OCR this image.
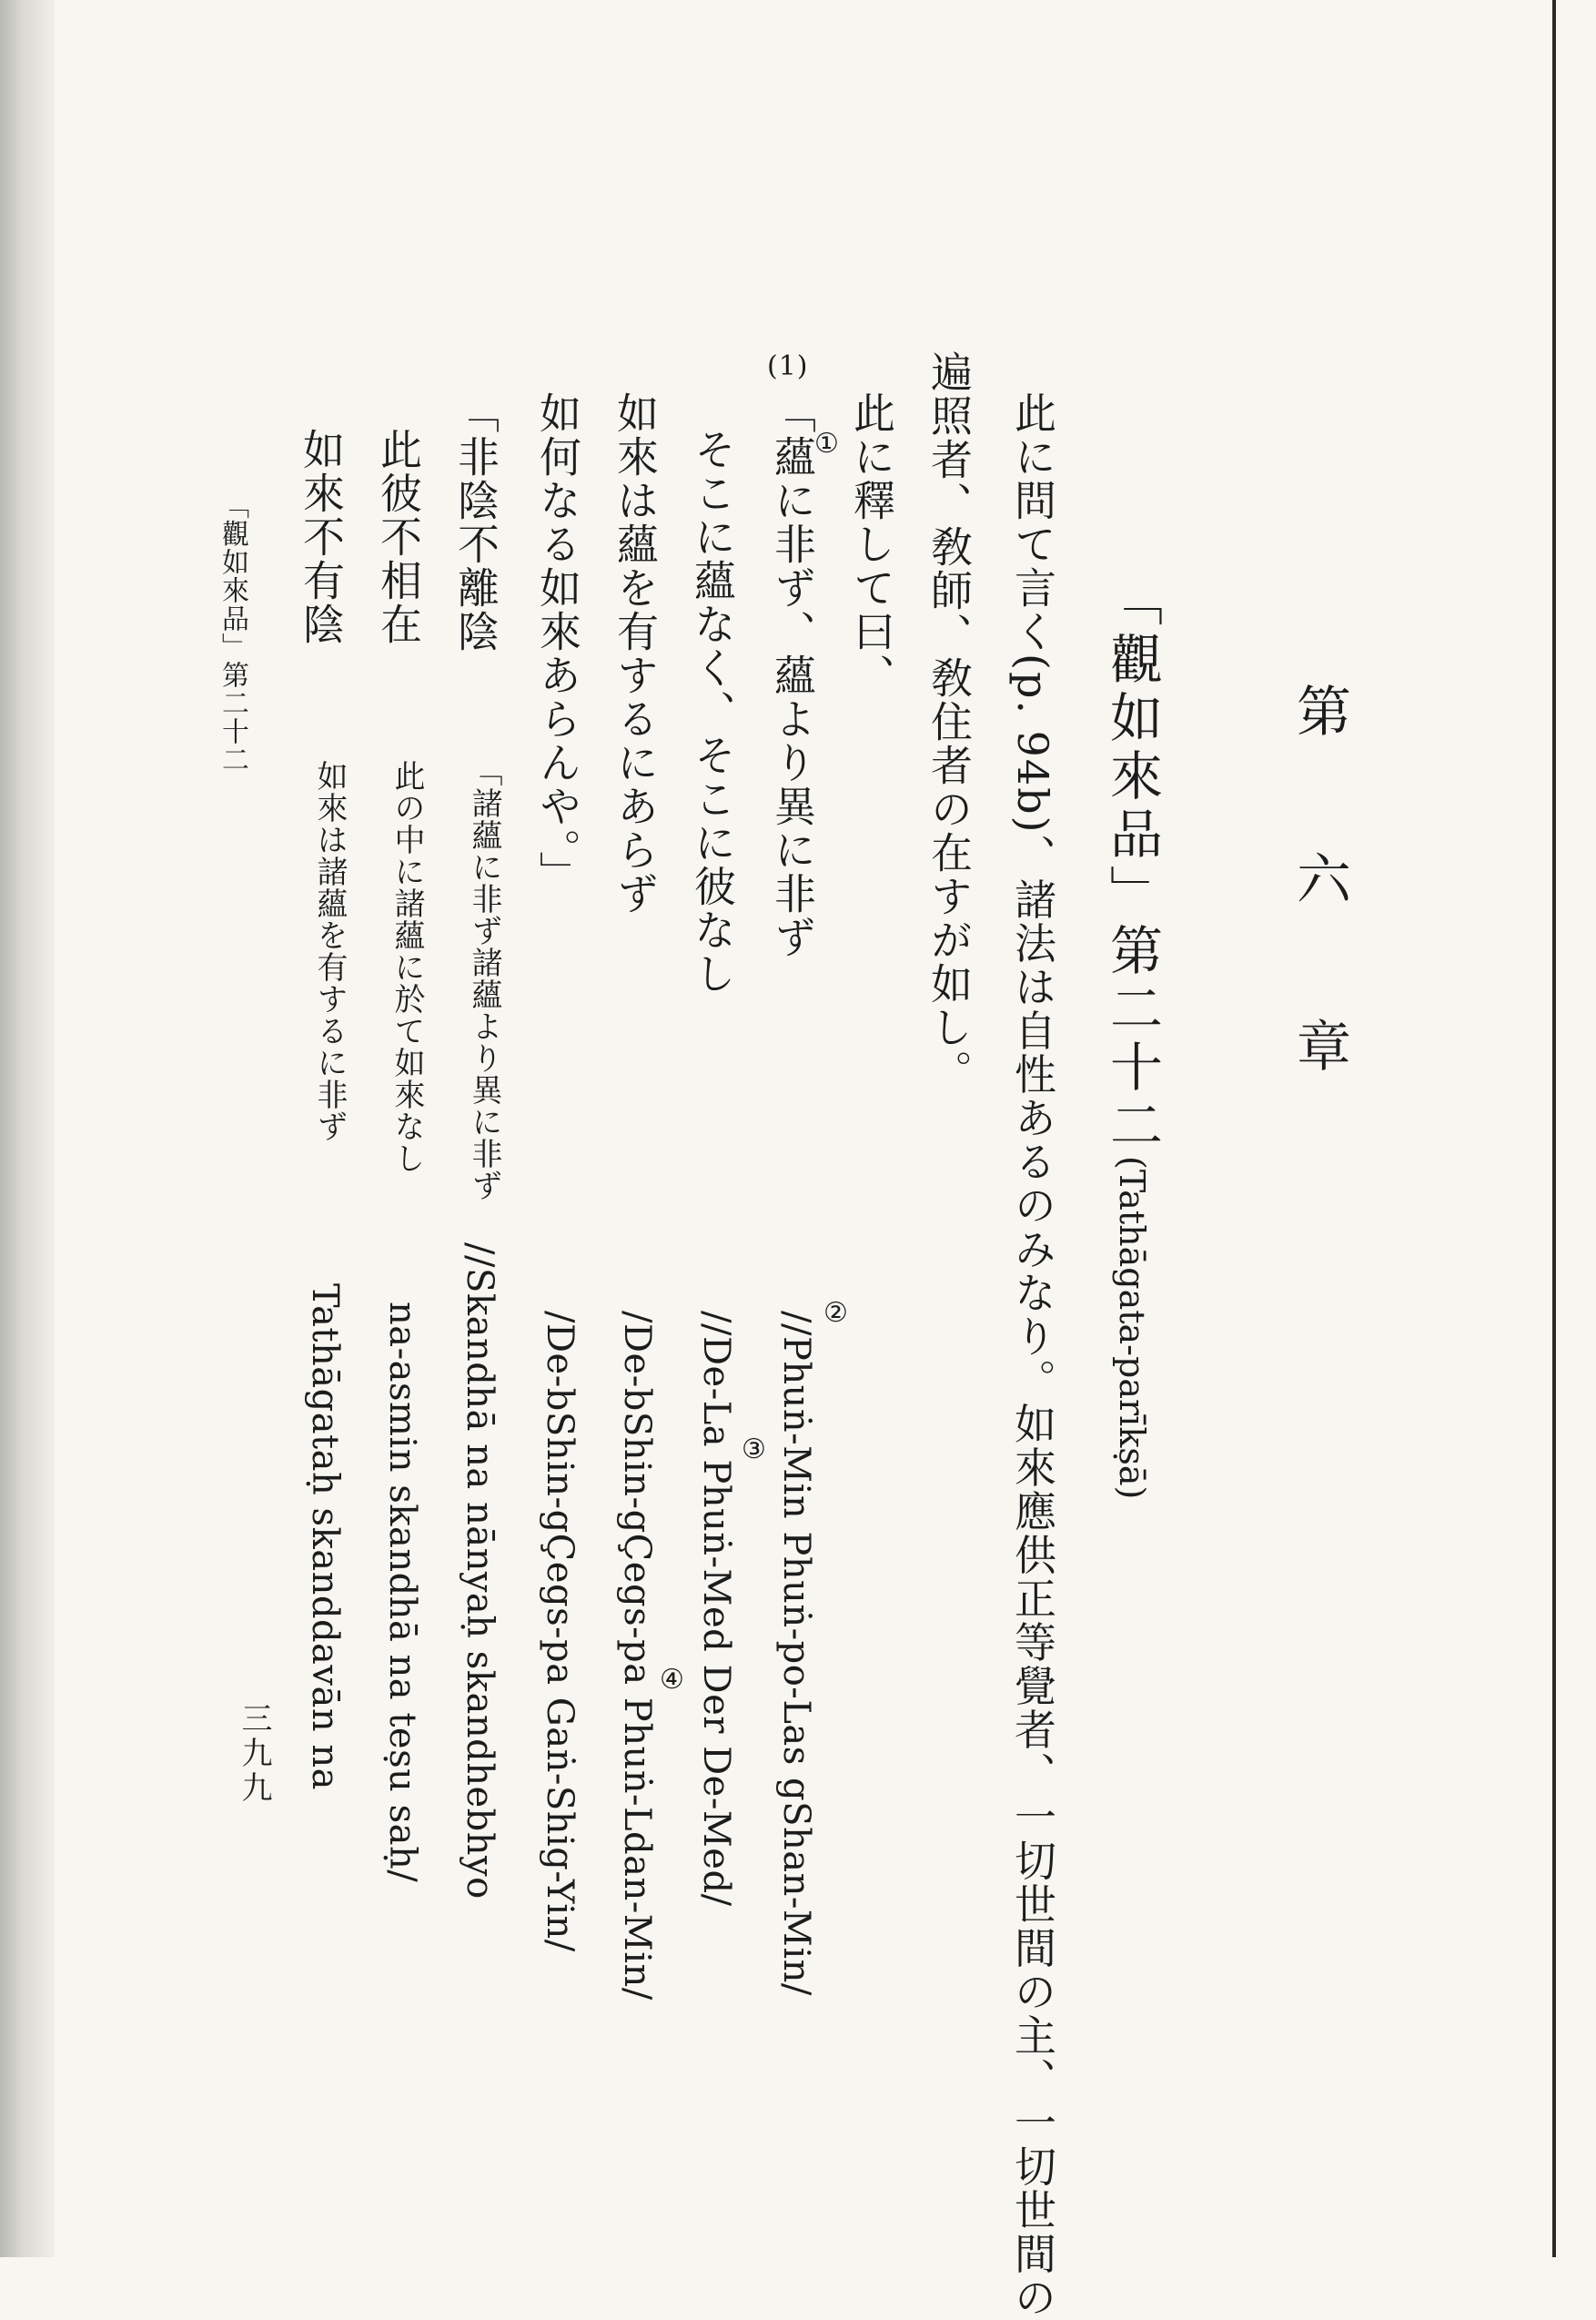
第　六　章
「觀如來品」第二十二(Tathāgata-parīkṣā)
此に問て言く(p. 94b)、諸法は自性あるのみなり。如來應供正等覺者、一切世間の主、一切世間の
遍照者、敎師、敎住者の在すが如し。
此に釋して曰、
(1)
①
②
③
④
「蘊に非ず、蘊より異に非ず
そこに蘊なく、そこに彼なし
如來は蘊を有するにあらず
如何なる如來あらんや。」
//Phuṅ-Min Phuṅ-po-Las gShan-Min/
//De-La Phuṅ-Med Der De-Med/
/De-bShin-gÇegs-pa Phuṅ-Ldan-Min/
/De-bShin-gÇegs-pa Gaṅ-Shig-Yin/
「非陰不離陰
「諸蘊に非ず諸蘊より異に非ず
此彼不相在
此の中に諸蘊に於て如來なし
如來不有陰
如來は諸蘊を有するに非ず
//Skandhā na nānyaḥ skandhebhyo
na-asmin skandhā na teṣu saḥ/
Tathāgataḥ skanddavān na
「觀如來品」第二十二
三九九
